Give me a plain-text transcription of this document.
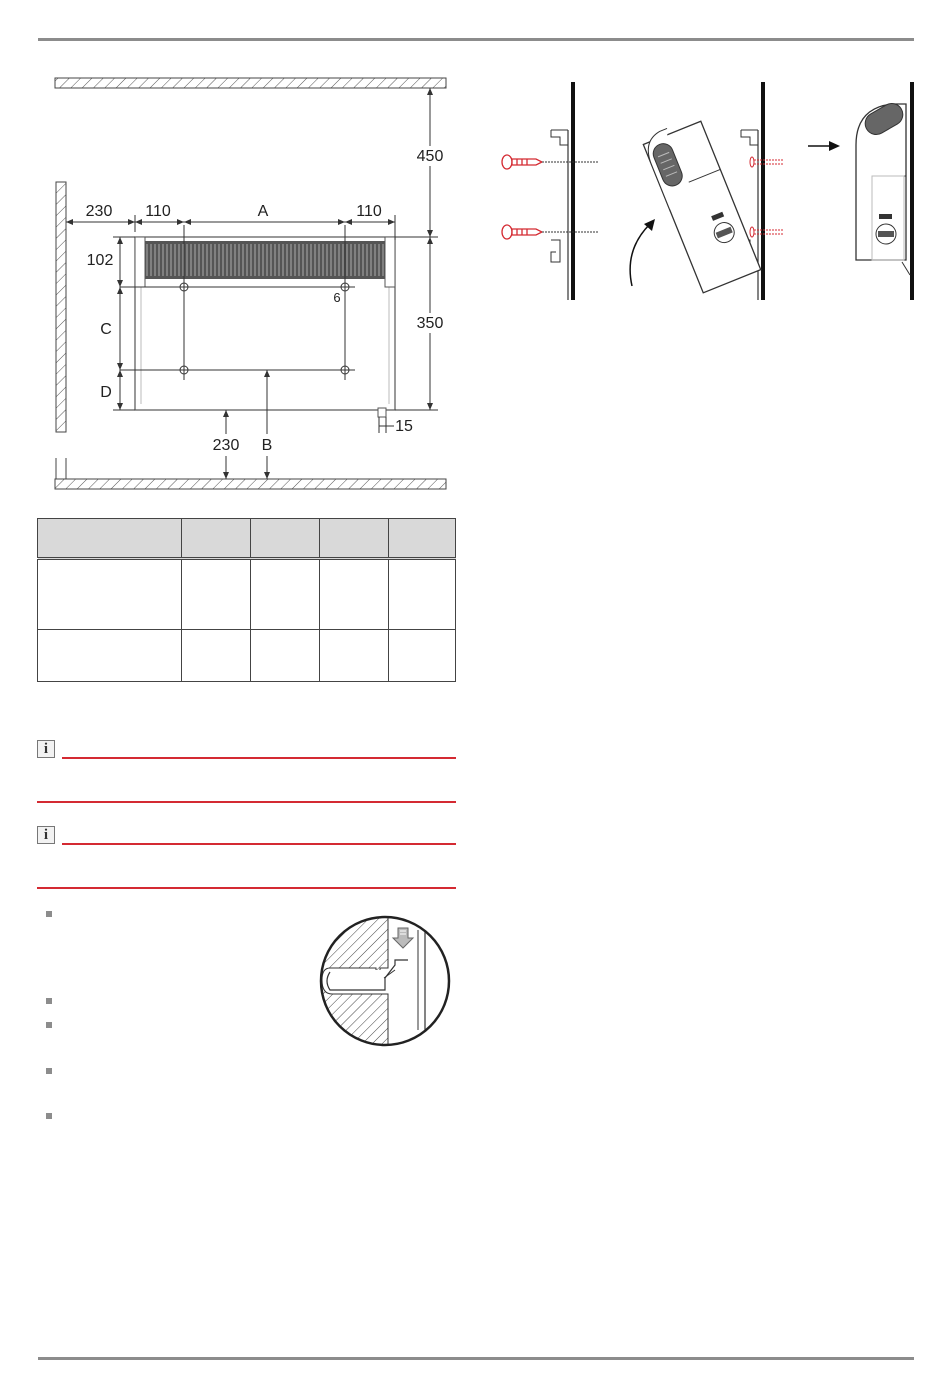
230 110	A	110
102
C
D
6
450
350
230 B
15

i
i
